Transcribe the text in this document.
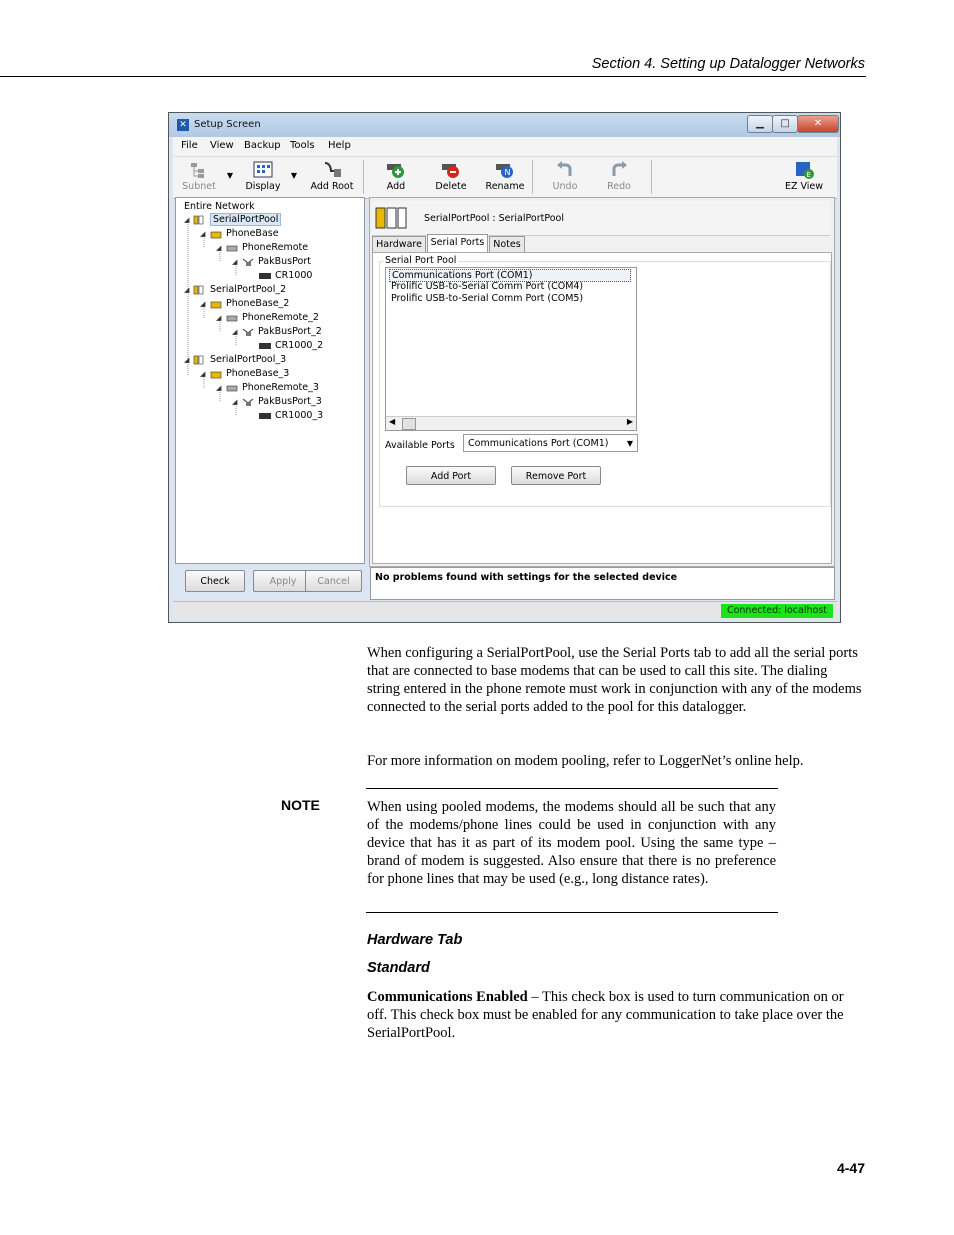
Section 4. Setting up Datalogger Networks
✕ Setup Screen	▁	□	✕
File View Backup Tools Help
Subnet
▼
Display
▼
Add Root	Add	Delete
N
Rename	Undo	Redo
E
EZ View
Entire Network
◢ SerialPortPool
◢ PhoneBase
◢ PhoneRemote
◢ PakBusPort
CR1000
◢ SerialPortPool_2
◢ PhoneBase_2
◢ PhoneRemote_2
◢ PakBusPort_2
CR1000_2
◢ SerialPortPool_3
◢ PhoneBase_3
◢ PhoneRemote_3
◢ PakBusPort_3
CR1000_3
Check	Apply	Cancel
SerialPortPool : SerialPortPool
Hardware Serial Ports Notes
Serial Port Pool
Communications Port (COM1)
Prolific USB-to-Serial Comm Port (COM4)
Prolific USB-to-Serial Comm Port (COM5)
◀	▶
Available Ports	Communications Port (COM1) ▼
Add Port	Remove Port
No problems found with settings for the selected device
Connected: localhost
When configuring a SerialPortPool, use the Serial Ports tab to add all the serial ports that are connected to base modems that can be used to call this site. The dialing string entered in the phone remote must work in conjunction with any of the modems connected to the serial ports added to the pool for this datalogger.
For more information on modem pooling, refer to LoggerNet’s online help.
NOTE	When using pooled modems, the modems should all be such that any of the modems/phone lines could be used in conjunction with any device that has it as part of its modem pool. Using the same type – brand of modem is suggested. Also ensure that there is no preference for phone lines that may be used (e.g., long distance rates).
Hardware Tab
Standard
Communications Enabled – This check box is used to turn communication on or off. This check box must be enabled for any communication to take place over the SerialPortPool.
4-47
